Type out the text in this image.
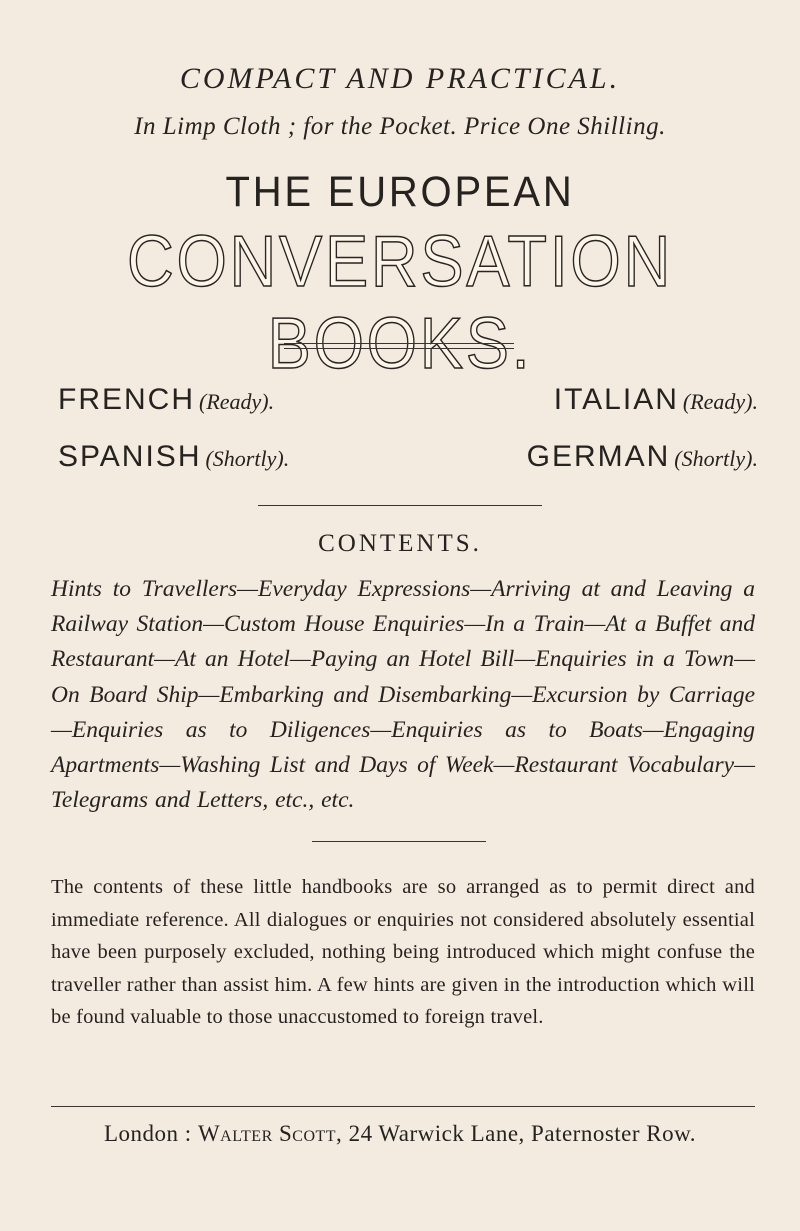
COMPACT AND PRACTICAL.
In Limp Cloth ; for the Pocket. Price One Shilling.
THE EUROPEAN
CONVERSATION BOOKS.
FRENCH (Ready).	ITALIAN (Ready).
SPANISH (Shortly).	GERMAN (Shortly).
CONTENTS.
Hints to Travellers—Everyday Expressions—Arriving at and Leaving a Railway Station—Custom House Enquiries—In a Train—At a Buffet and Restaurant—At an Hotel—Paying an Hotel Bill—Enquiries in a Town—On Board Ship—Embarking and Disembarking—Excursion by Carriage—Enquiries as to Diligences—Enquiries as to Boats—Engaging Apartments—Washing List and Days of Week—Restaurant Vocabulary—Telegrams and Letters, etc., etc.
The contents of these little handbooks are so arranged as to permit direct and immediate reference. All dialogues or enquiries not considered absolutely essential have been purposely excluded, nothing being introduced which might confuse the traveller rather than assist him. A few hints are given in the introduction which will be found valuable to those unaccustomed to foreign travel.
London : Walter Scott, 24 Warwick Lane, Paternoster Row.
